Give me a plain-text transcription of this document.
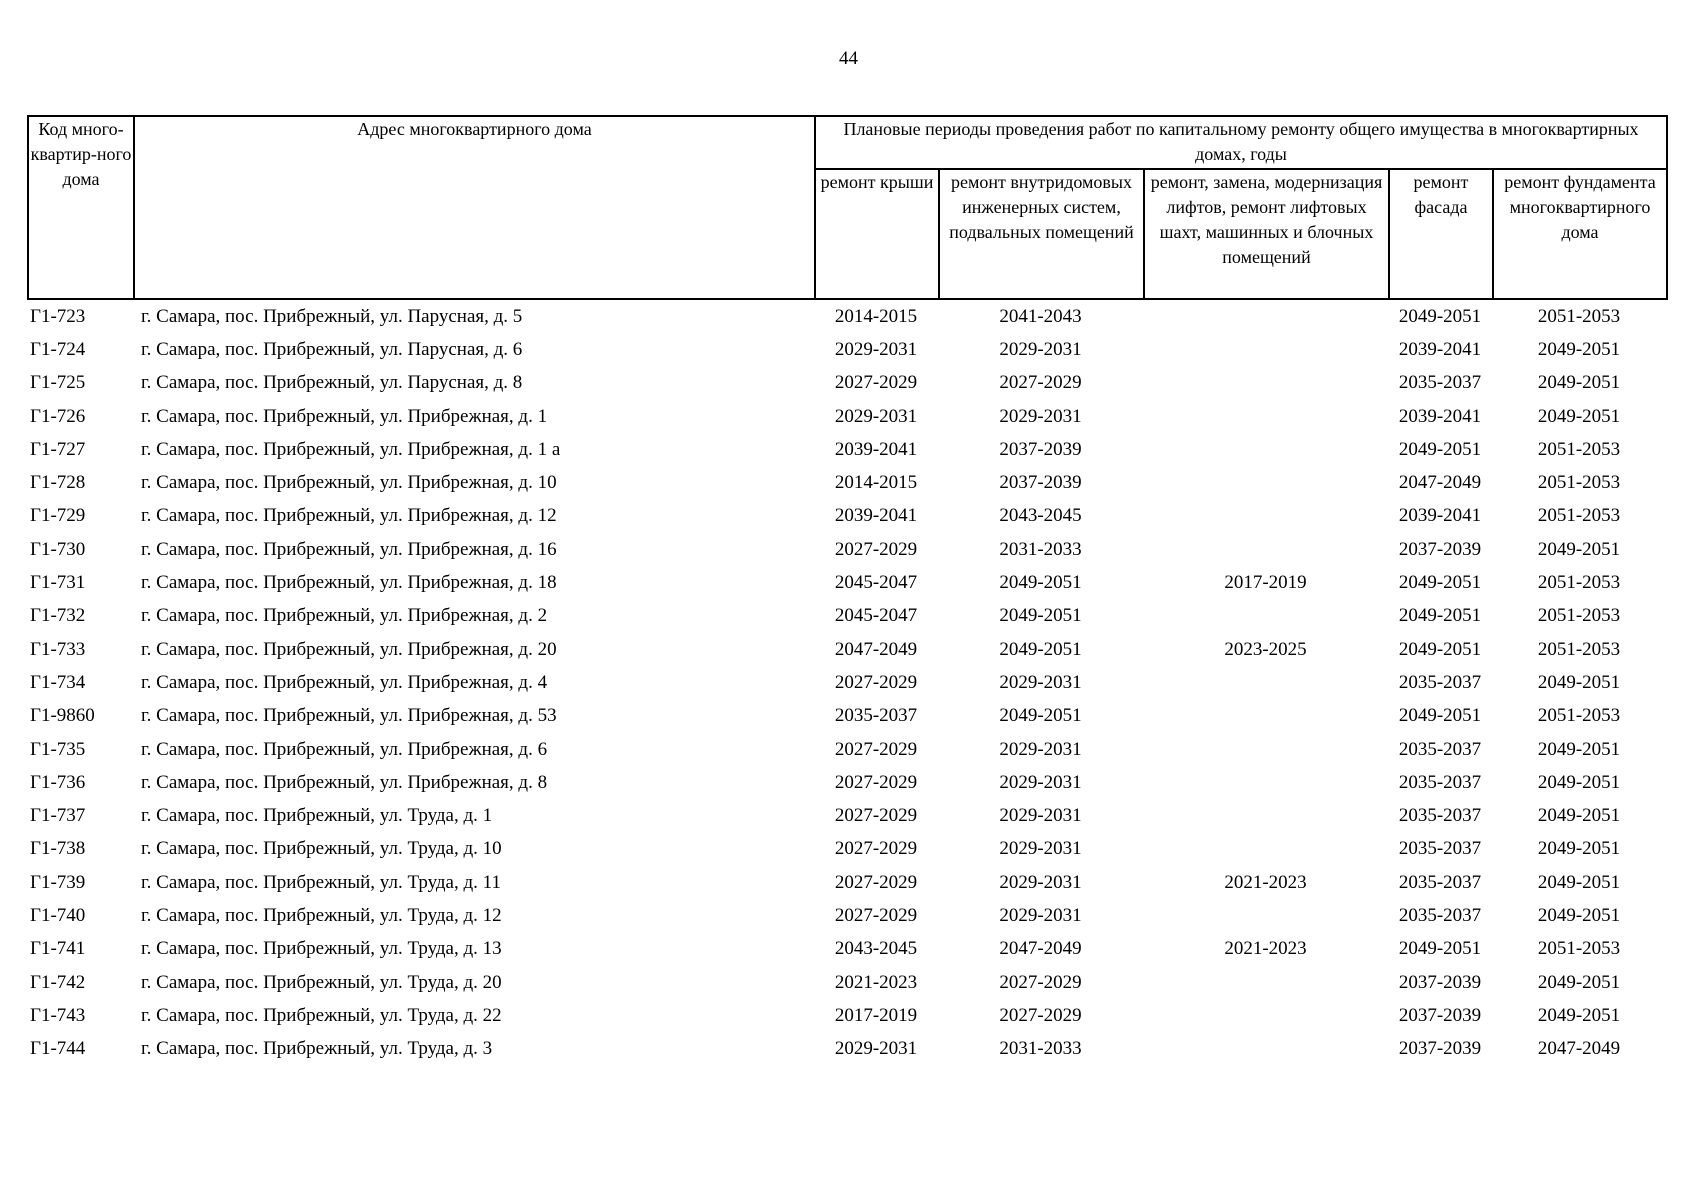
44
Код много-квартир-ного дома	Адрес многоквартирного дома	Плановые периоды проведения работ по капитальному ремонту общего имущества в многоквартирных домах, годы				
		ремонт крыши	ремонт внутридомовых инженерных систем, подвальных помещений	ремонт, замена, модернизация лифтов, ремонт лифтовых шахт, машинных и блочных помещений	ремонт фасада	ремонт фундамента многоквартирного дома
Г1-723	г. Самара, пос. Прибрежный, ул. Парусная, д. 5	2014-2015	2041-2043		2049-2051	2051-2053
Г1-724	г. Самара, пос. Прибрежный, ул. Парусная, д. 6	2029-2031	2029-2031		2039-2041	2049-2051
Г1-725	г. Самара, пос. Прибрежный, ул. Парусная, д. 8	2027-2029	2027-2029		2035-2037	2049-2051
Г1-726	г. Самара, пос. Прибрежный, ул. Прибрежная, д. 1	2029-2031	2029-2031		2039-2041	2049-2051
Г1-727	г. Самара, пос. Прибрежный, ул. Прибрежная, д. 1 а	2039-2041	2037-2039		2049-2051	2051-2053
Г1-728	г. Самара, пос. Прибрежный, ул. Прибрежная, д. 10	2014-2015	2037-2039		2047-2049	2051-2053
Г1-729	г. Самара, пос. Прибрежный, ул. Прибрежная, д. 12	2039-2041	2043-2045		2039-2041	2051-2053
Г1-730	г. Самара, пос. Прибрежный, ул. Прибрежная, д. 16	2027-2029	2031-2033		2037-2039	2049-2051
Г1-731	г. Самара, пос. Прибрежный, ул. Прибрежная, д. 18	2045-2047	2049-2051	2017-2019	2049-2051	2051-2053
Г1-732	г. Самара, пос. Прибрежный, ул. Прибрежная, д. 2	2045-2047	2049-2051		2049-2051	2051-2053
Г1-733	г. Самара, пос. Прибрежный, ул. Прибрежная, д. 20	2047-2049	2049-2051	2023-2025	2049-2051	2051-2053
Г1-734	г. Самара, пос. Прибрежный, ул. Прибрежная, д. 4	2027-2029	2029-2031		2035-2037	2049-2051
Г1-9860	г. Самара, пос. Прибрежный, ул. Прибрежная, д. 53	2035-2037	2049-2051		2049-2051	2051-2053
Г1-735	г. Самара, пос. Прибрежный, ул. Прибрежная, д. 6	2027-2029	2029-2031		2035-2037	2049-2051
Г1-736	г. Самара, пос. Прибрежный, ул. Прибрежная, д. 8	2027-2029	2029-2031		2035-2037	2049-2051
Г1-737	г. Самара, пос. Прибрежный, ул. Труда, д. 1	2027-2029	2029-2031		2035-2037	2049-2051
Г1-738	г. Самара, пос. Прибрежный, ул. Труда, д. 10	2027-2029	2029-2031		2035-2037	2049-2051
Г1-739	г. Самара, пос. Прибрежный, ул. Труда, д. 11	2027-2029	2029-2031	2021-2023	2035-2037	2049-2051
Г1-740	г. Самара, пос. Прибрежный, ул. Труда, д. 12	2027-2029	2029-2031		2035-2037	2049-2051
Г1-741	г. Самара, пос. Прибрежный, ул. Труда, д. 13	2043-2045	2047-2049	2021-2023	2049-2051	2051-2053
Г1-742	г. Самара, пос. Прибрежный, ул. Труда, д. 20	2021-2023	2027-2029		2037-2039	2049-2051
Г1-743	г. Самара, пос. Прибрежный, ул. Труда, д. 22	2017-2019	2027-2029		2037-2039	2049-2051
Г1-744	г. Самара, пос. Прибрежный, ул. Труда, д. 3	2029-2031	2031-2033		2037-2039	2047-2049
